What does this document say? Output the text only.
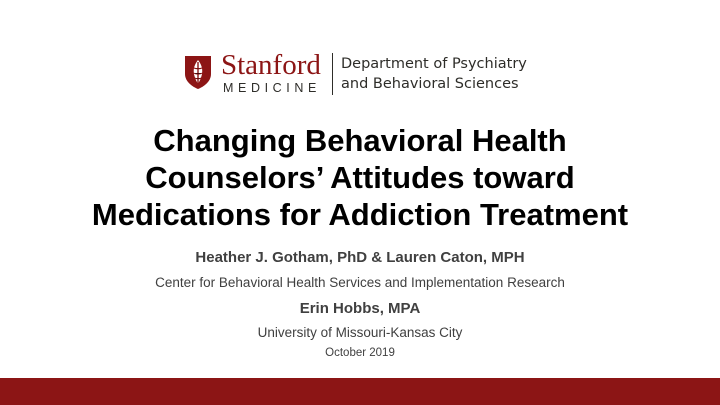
Stanford
MEDICINE
Department of Psychiatry
and Behavioral Sciences
Changing Behavioral Health
Counselors’ Attitudes toward
Medications for Addiction Treatment

Heather J. Gotham, PhD & Lauren Caton, MPH

Center for Behavioral Health Services and Implementation Research

Erin Hobbs, MPA

University of Missouri-Kansas City

October 2019
